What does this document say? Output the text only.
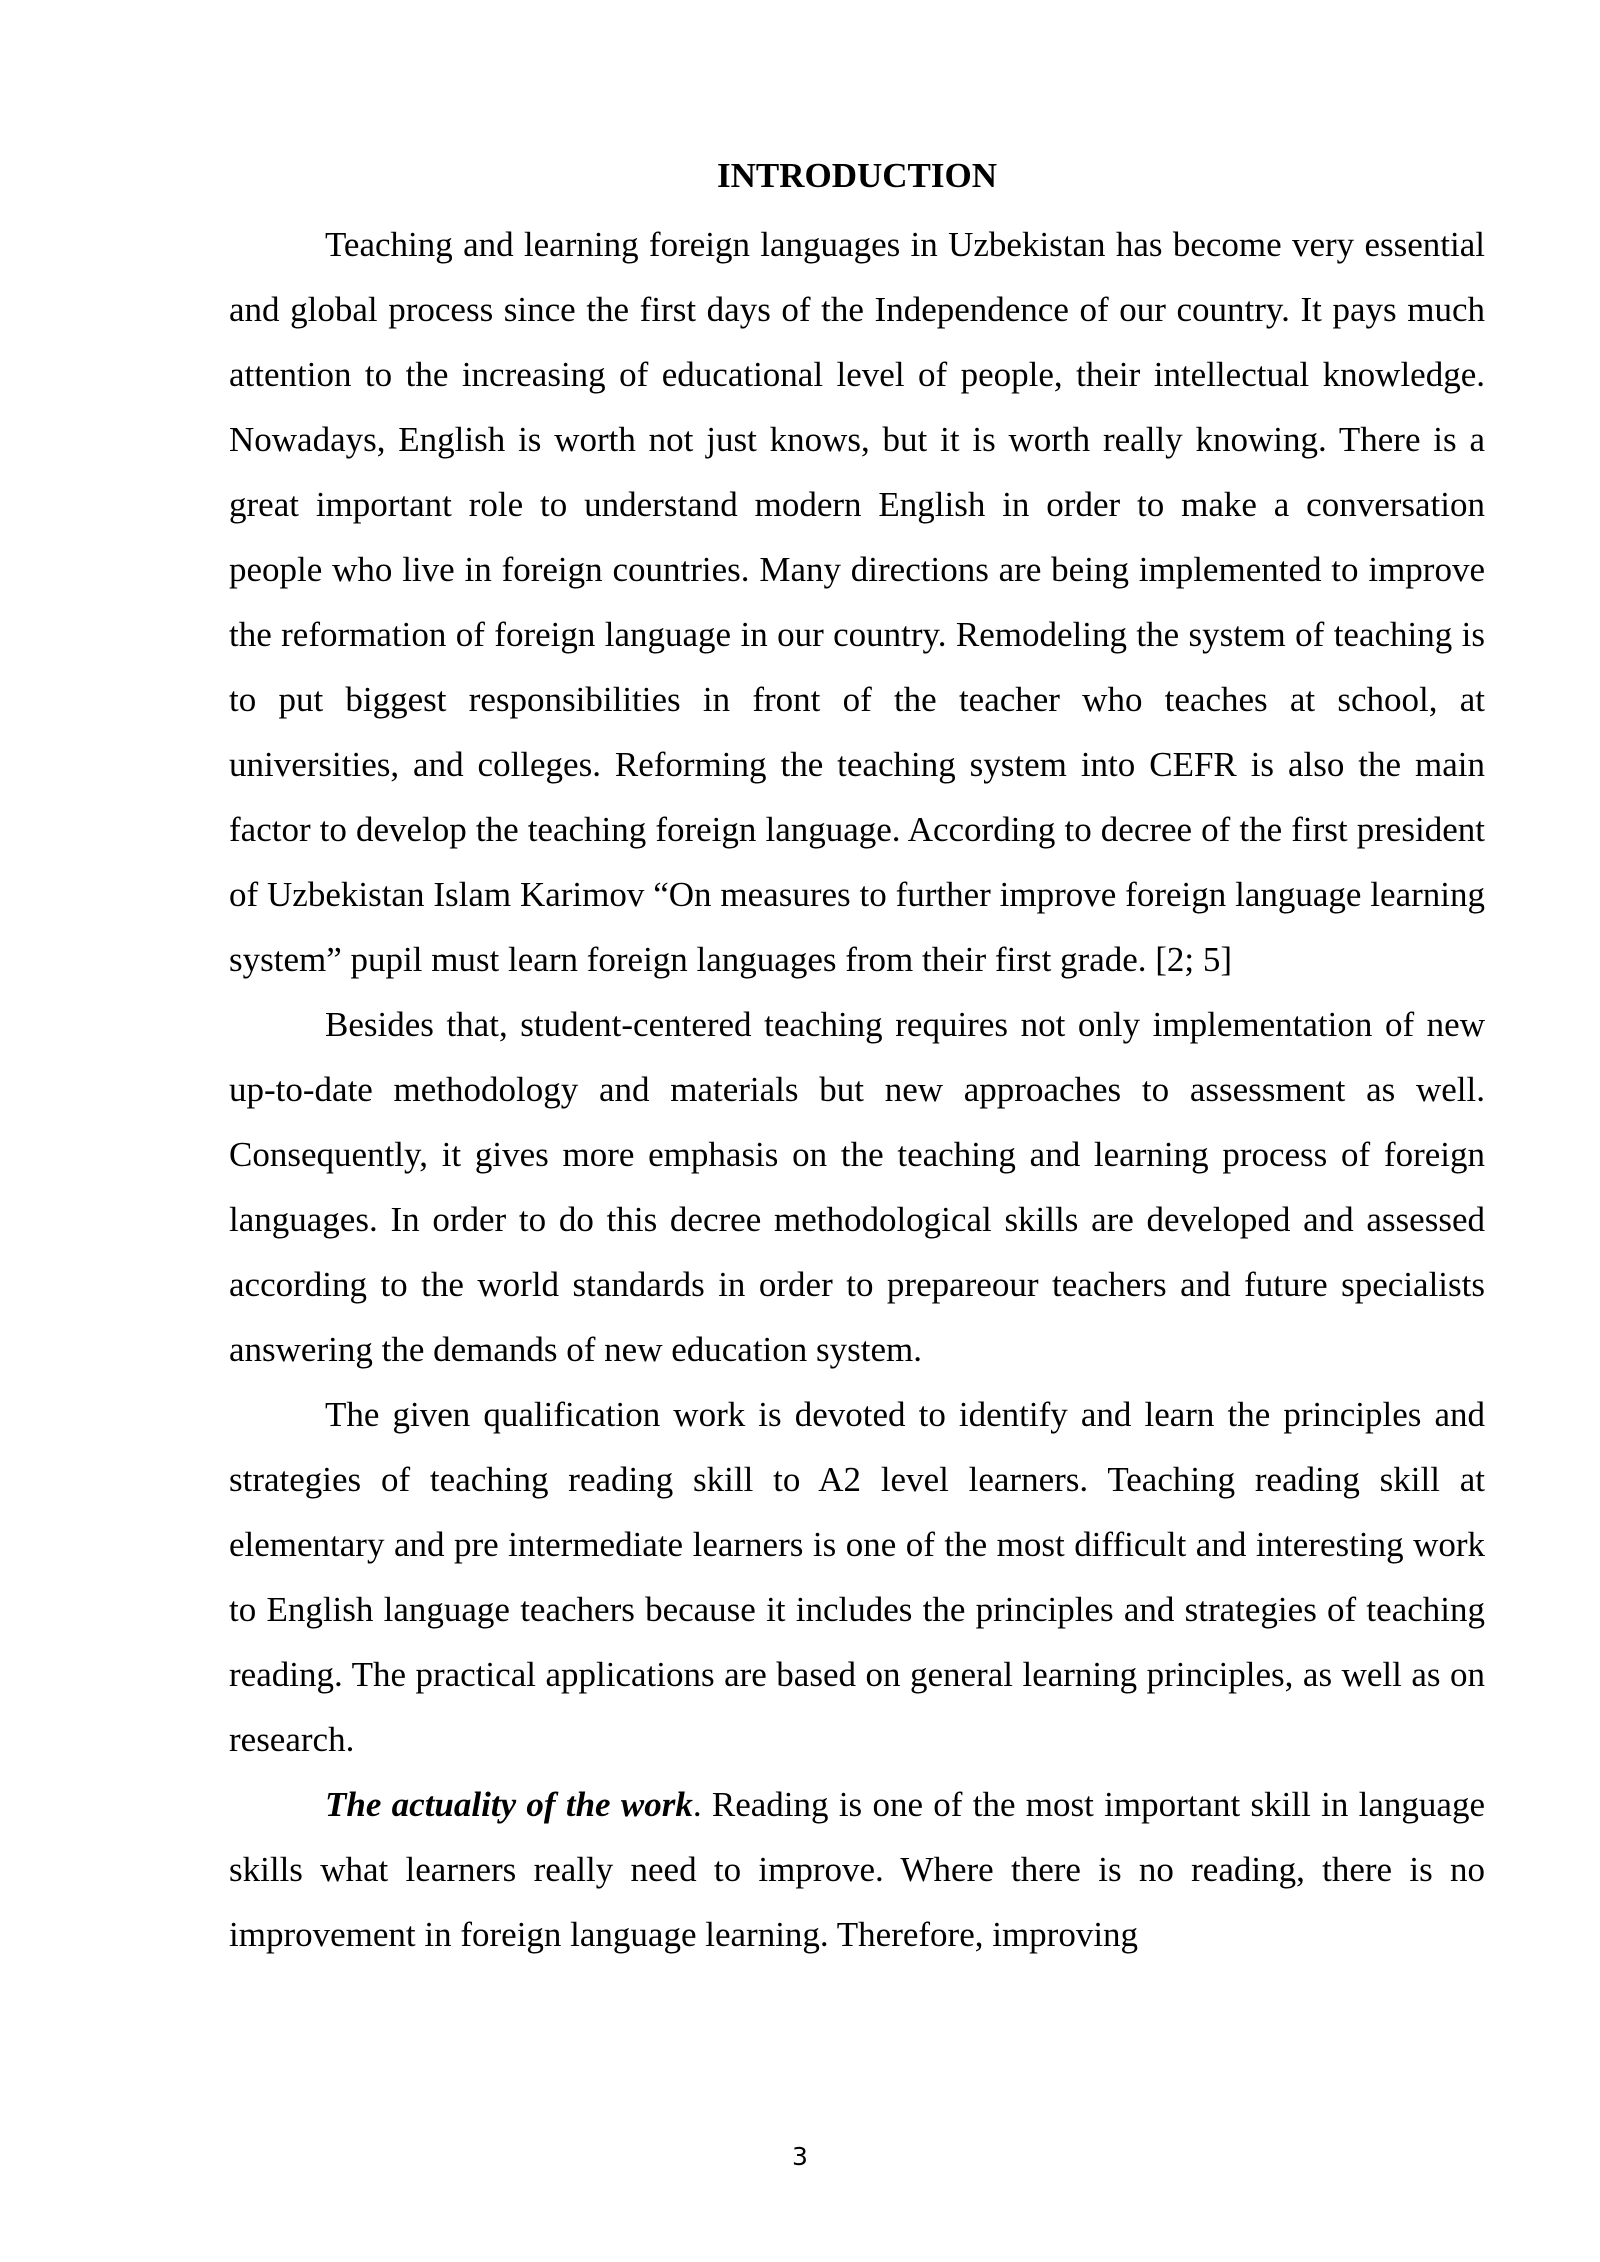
INTRODUCTION

Teaching and learning foreign languages in Uzbekistan has become very essential and global process since the first days of the Independence of our country. It pays much attention to the increasing of educational level of people, their intellectual knowledge. Nowadays, English is worth not just knows, but it is worth really knowing. There is a great important role to understand modern English in order to make a conversation people who live in foreign countries. Many directions are being implemented to improve the reformation of foreign language in our country. Remodeling the system of teaching is to put biggest responsibilities in front of the teacher who teaches at school, at universities, and colleges. Reforming the teaching system into CEFR is also the main factor to develop the teaching foreign language. According to decree of the first president of Uzbekistan Islam Karimov “On measures to further improve foreign language learning system” pupil must learn foreign languages from their first grade. [2; 5]

Besides that, student-centered teaching requires not only implementation of new up-to-date methodology and materials but new approaches to assessment as well. Consequently, it gives more emphasis on the teaching and learning process of foreign languages. In order to do this decree methodological skills are developed and assessed according to the world standards in order to prepareour teachers and future specialists answering the demands of new education system.

The given qualification work is devoted to identify and learn the principles and strategies of teaching reading skill to A2 level learners. Teaching reading skill at elementary and pre intermediate learners is one of the most difficult and interesting work to English language teachers because it includes the principles and strategies of teaching reading. The practical applications are based on general learning principles, as well as on research.

The actuality of the work. Reading is one of the most important skill in language skills what learners really need to improve. Where there is no reading, there is no improvement in foreign language learning. Therefore, improving

3
